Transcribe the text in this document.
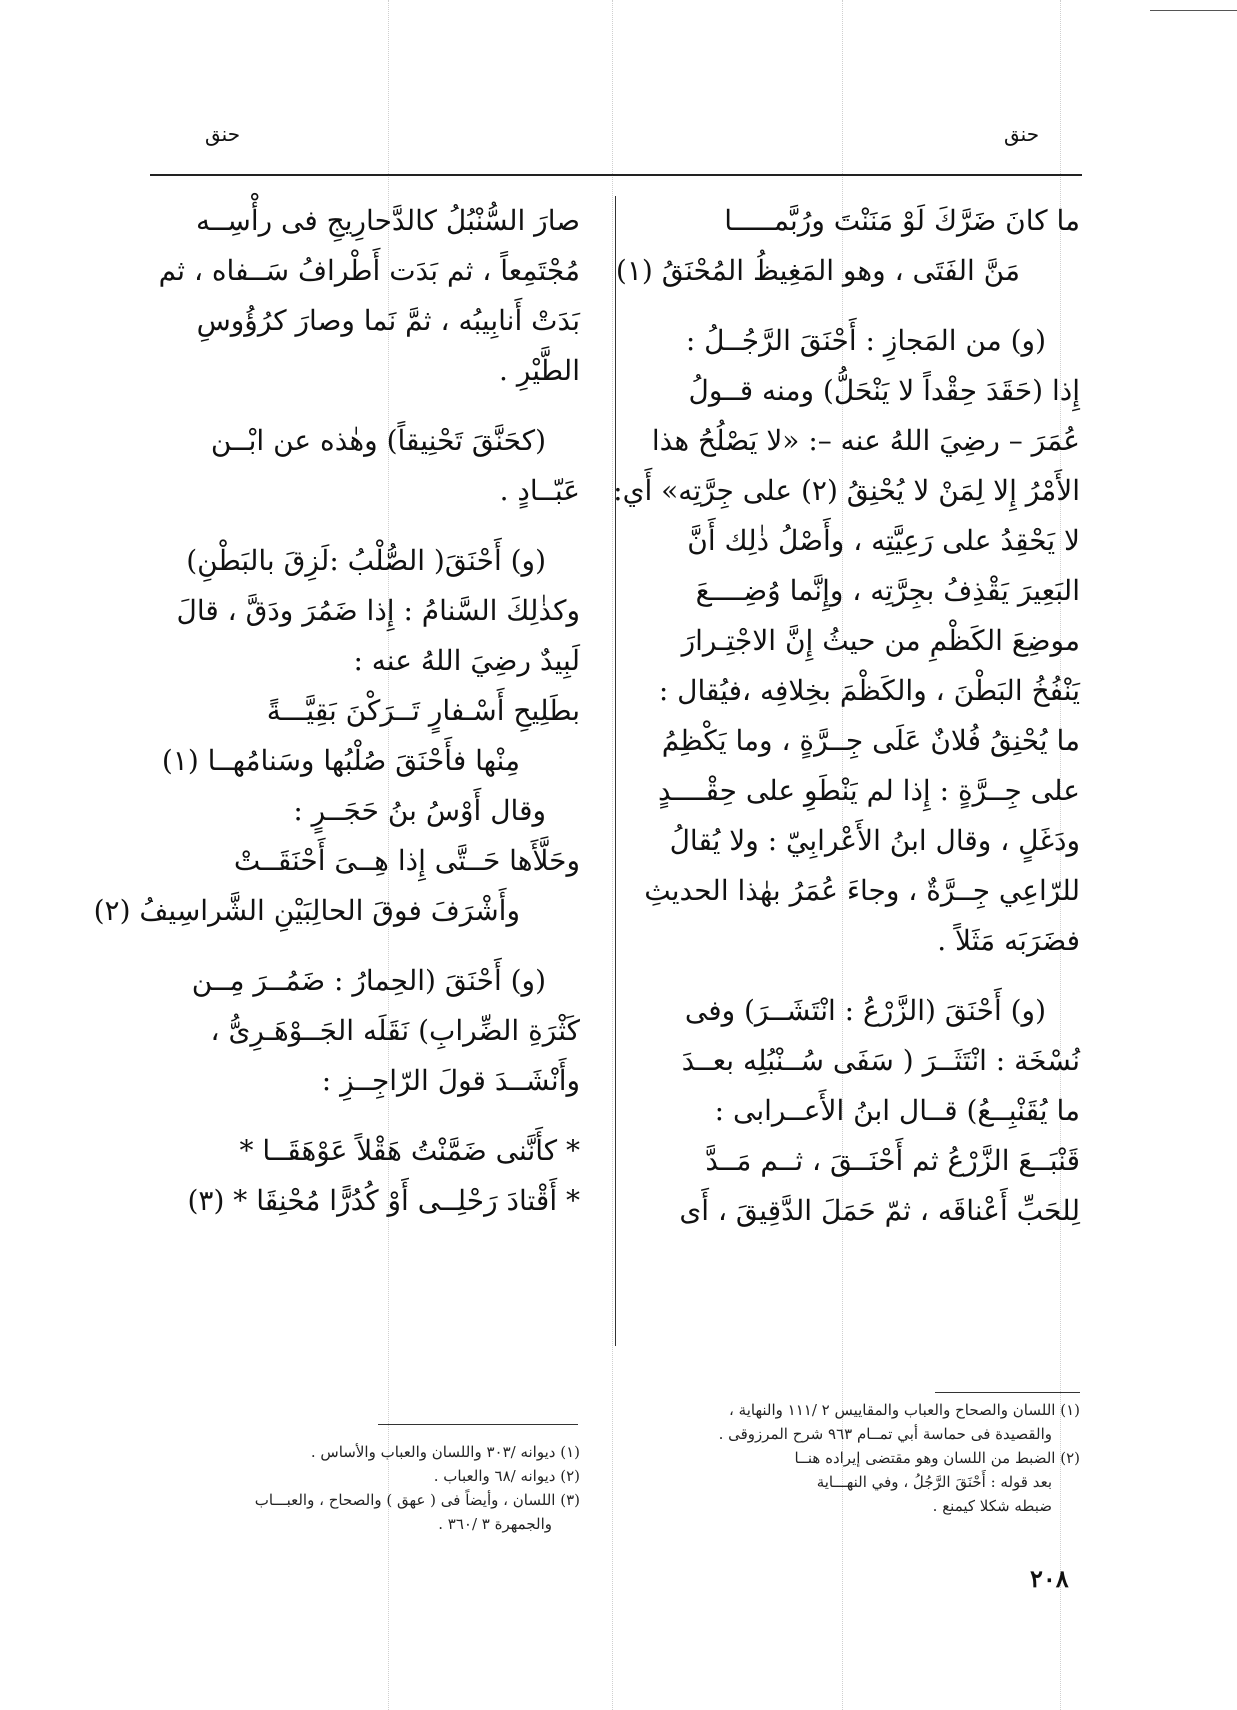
حنق
حنق
ما كانَ ضَرَّكَ لَوْ مَنَنْتَ ورُبَّمـــــا
مَنَّ الفَتَى ، وهو المَغِيظُ المُحْنَقُ (١)
(و) من المَجازِ : أَحْنَقَ الرَّجُــلُ :
إِذا (حَقَدَ حِقْداً لا يَنْحَلُّ) ومنه قــولُ
عُمَرَ – رضِيَ اللهُ عنه –: «لا يَصْلُحُ هذا
الأَمْرُ إِلا لِمَنْ لا يُحْنِقُ (٢) على جِرَّتِه» أَي:
لا يَحْقِدُ على رَعِيَّتِه ، وأَصْلُ ذٰلِك أَنَّ
البَعِيرَ يَقْذِفُ بجِرَّتِه ، وإِنَّما وُضِــــعَ
موضِعَ الكَظْمِ من حيثُ إِنَّ الاجْتِـرارَ
يَنْفُخُ البَطْنَ ، والكَظْمَ بخِلافِه ،فيُقال :
ما يُحْنِقُ فُلانٌ عَلَى جِــرَّةٍ ، وما يَكْظِمُ
على جِــرَّةٍ : إِذا لم يَنْطَوِ على حِقْــــدٍ
ودَغَلٍ ، وقال ابنُ الأَعْرابِيّ : ولا يُقالُ
للرّاعِي جِــرَّةٌ ، وجاءَ عُمَرُ بهٰذا الحديثِ
فضَرَبَه مَثَلاً .
(و) أَحْنَقَ (الزَّرْعُ : انْتَشَــرَ) وفى
نُسْخَة : انْتَثَــرَ ( سَفَى سُــنْبُلِه بعــدَ
ما يُقَنْبِــعُ) قــال ابنُ الأَعــرابى :
قَنْبَــعَ الزَّرْعُ ثم أَحْنَــقَ ، ثــم مَــدَّ
لِلحَبِّ أَعْناقَه ، ثمّ حَمَلَ الدَّقِيقَ ، أَى
(١) اللسان والصحاح والعباب والمقاييس ٢ /١١١ والنهاية ،
والقصيدة فى حماسة أبي تمــام ٩٦٣ شرح المرزوقى .
(٢) الضبط من اللسان وهو مقتضى إيراده هنــا
بعد قوله : أَحْنَقَ الرَّجُلُ ، وفي النهـــاية
ضبطه شكلا كيمنع .
صارَ السُّنْبُلُ كالدَّحارِيجِ فى رأْسِــه
مُجْتَمِعاً ، ثم بَدَت أَطْرافُ سَــفاه ، ثم
بَدَتْ أَنابِيبُه ، ثمَّ نَما وصارَ كرُؤُوسِ
الطَّيْرِ .
(كحَنَّقَ تَحْنِيقاً) وهٰذه عن ابْــن
عَبّــادٍ .
(و) أَحْنَقَ( الصُّلْبُ :لَزِقَ بالبَطْنِ)
وكذٰلِكَ السَّنامُ : إِذا ضَمُرَ ودَقَّ ، قالَ
لَبِيدٌ رضِيَ اللهُ عنه :
بطَلِيحِ أَسْـفارٍ تَــرَكْنَ بَقِيَّـــةً
مِنْها فأَحْنَقَ صُلْبُها وسَنامُهــا (١)
وقال أَوْسُ بنُ حَجَــرٍ :
وحَلَّأَها حَــتَّى إِذا هِــىَ أَحْنَقَــتْ
وأَشْرَفَ فوقَ الحالِبَيْنِ الشَّراسِيفُ (٢)
(و) أَحْنَقَ (الحِمارُ : ضَمُــرَ مِــن
كَثْرَةِ الضِّرابِ) نَقَلَه الجَــوْهَـرِىُّ ،
وأَنْشَــدَ قولَ الرّاجِــزِ :
* كأَنَّنى ضَمَّنْتُ هَقْلاً عَوْهَقَــا *
* أَقْتادَ رَحْلِــى أَوْ كُدُرًّا مُحْنِقَا * (٣)
(١) ديوانه /٣٠٣ واللسان والعباب والأساس .
(٢) ديوانه /٦٨ والعباب .
(٣) اللسان ، وأيضاً فى ( عهق ) والصحاح ، والعبـــاب
والجمهرة ٣ /٣٦٠ .
٢٠٨
